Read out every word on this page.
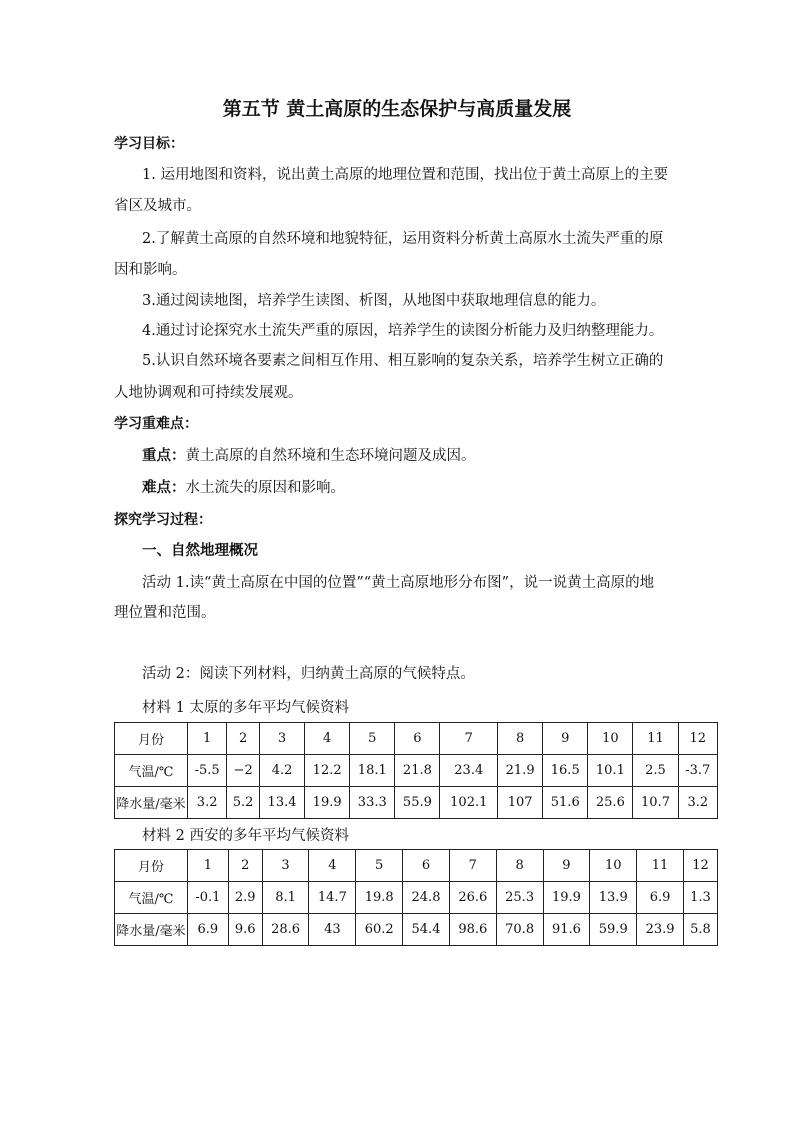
第五节 黄土高原的生态保护与高质量发展
学习目标：
1. 运用地图和资料，说出黄土高原的地理位置和范围，找出位于黄土高原上的主要
省区及城市。
2.了解黄土高原的自然环境和地貌特征，运用资料分析黄土高原水土流失严重的原
因和影响。
3.通过阅读地图，培养学生读图、析图，从地图中获取地理信息的能力。
4.通过讨论探究水土流失严重的原因，培养学生的读图分析能力及归纳整理能力。
5.认识自然环境各要素之间相互作用、相互影响的复杂关系，培养学生树立正确的
人地协调观和可持续发展观。
学习重难点：
重点：黄土高原的自然环境和生态环境问题及成因。
难点：水土流失的原因和影响。
探究学习过程：
一、自然地理概况
活动 1.读“黄土高原在中国的位置”“黄土高原地形分布图”，说一说黄土高原的地
理位置和范围。
活动 2：阅读下列材料，归纳黄土高原的气候特点。
材料 1 太原的多年平均气候资料
月份	1	2	3	4	5	6	7	8	9	10	11	12
气温/℃	-5.5	−2	4.2	12.2	18.1	21.8	23.4	21.9	16.5	10.1	2.5	-3.7
降水量/毫米	3.2	5.2	13.4	19.9	33.3	55.9	102.1	107	51.6	25.6	10.7	3.2
材料 2 西安的多年平均气候资料
月份	1	2	3	4	5	6	7	8	9	10	11	12
气温/℃	-0.1	2.9	8.1	14.7	19.8	24.8	26.6	25.3	19.9	13.9	6.9	1.3
降水量/毫米	6.9	9.6	28.6	43	60.2	54.4	98.6	70.8	91.6	59.9	23.9	5.8
